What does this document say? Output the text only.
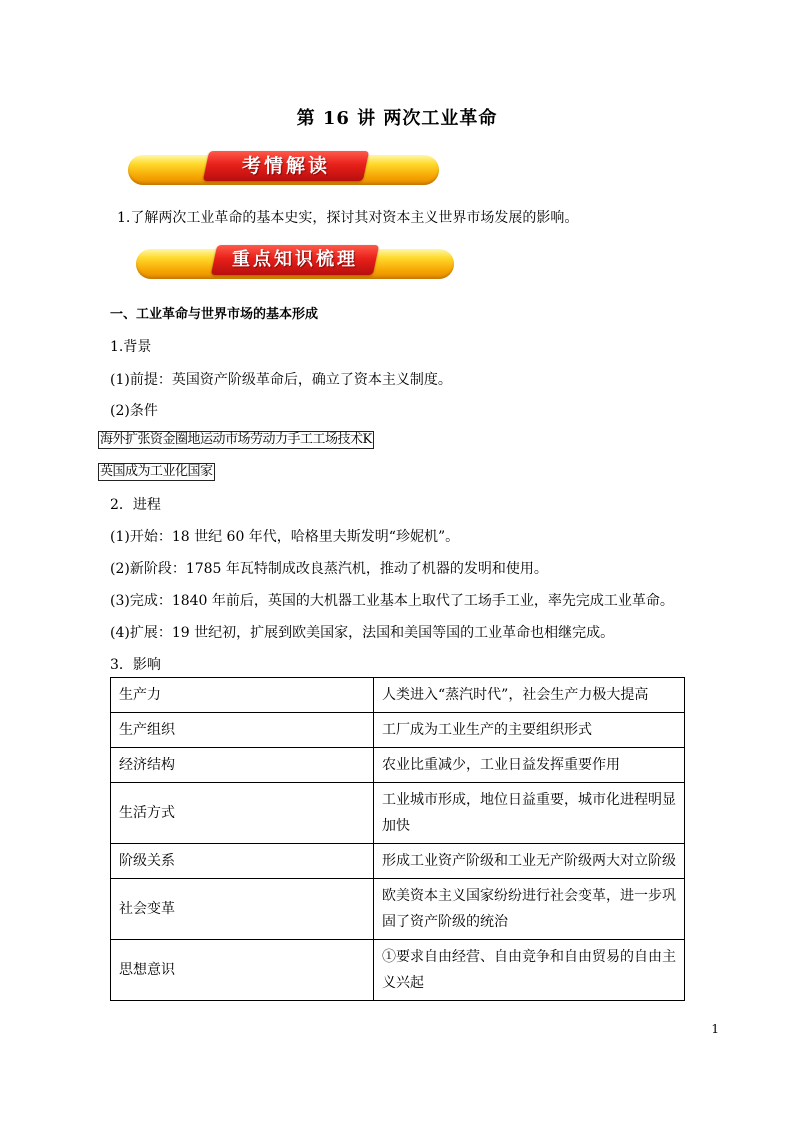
第 16 讲 两次工业革命
考情解读
1.了解两次工业革命的基本史实，探讨其对资本主义世界市场发展的影响。
重点知识梳理
一、工业革命与世界市场的基本形成
1.背景
(1)前提：英国资产阶级革命后，确立了资本主义制度。
(2)条件
海外扩张资金圈地运动市场劳动力手工工场技术K
英国成为工业化国家
2．进程
(1)开始：18 世纪 60 年代，哈格里夫斯发明“珍妮机”。
(2)新阶段：1785 年瓦特制成改良蒸汽机，推动了机器的发明和使用。
(3)完成：1840 年前后，英国的大机器工业基本上取代了工场手工业，率先完成工业革命。
(4)扩展：19 世纪初，扩展到欧美国家，法国和美国等国的工业革命也相继完成。
3．影响
生产力	人类进入“蒸汽时代”，社会生产力极大提高
生产组织	工厂成为工业生产的主要组织形式
经济结构	农业比重减少，工业日益发挥重要作用
生活方式	工业城市形成，地位日益重要，城市化进程明显加快
阶级关系	形成工业资产阶级和工业无产阶级两大对立阶级
社会变革	欧美资本主义国家纷纷进行社会变革，进一步巩固了资产阶级的统治
思想意识	①要求自由经营、自由竞争和自由贸易的自由主义兴起
1
